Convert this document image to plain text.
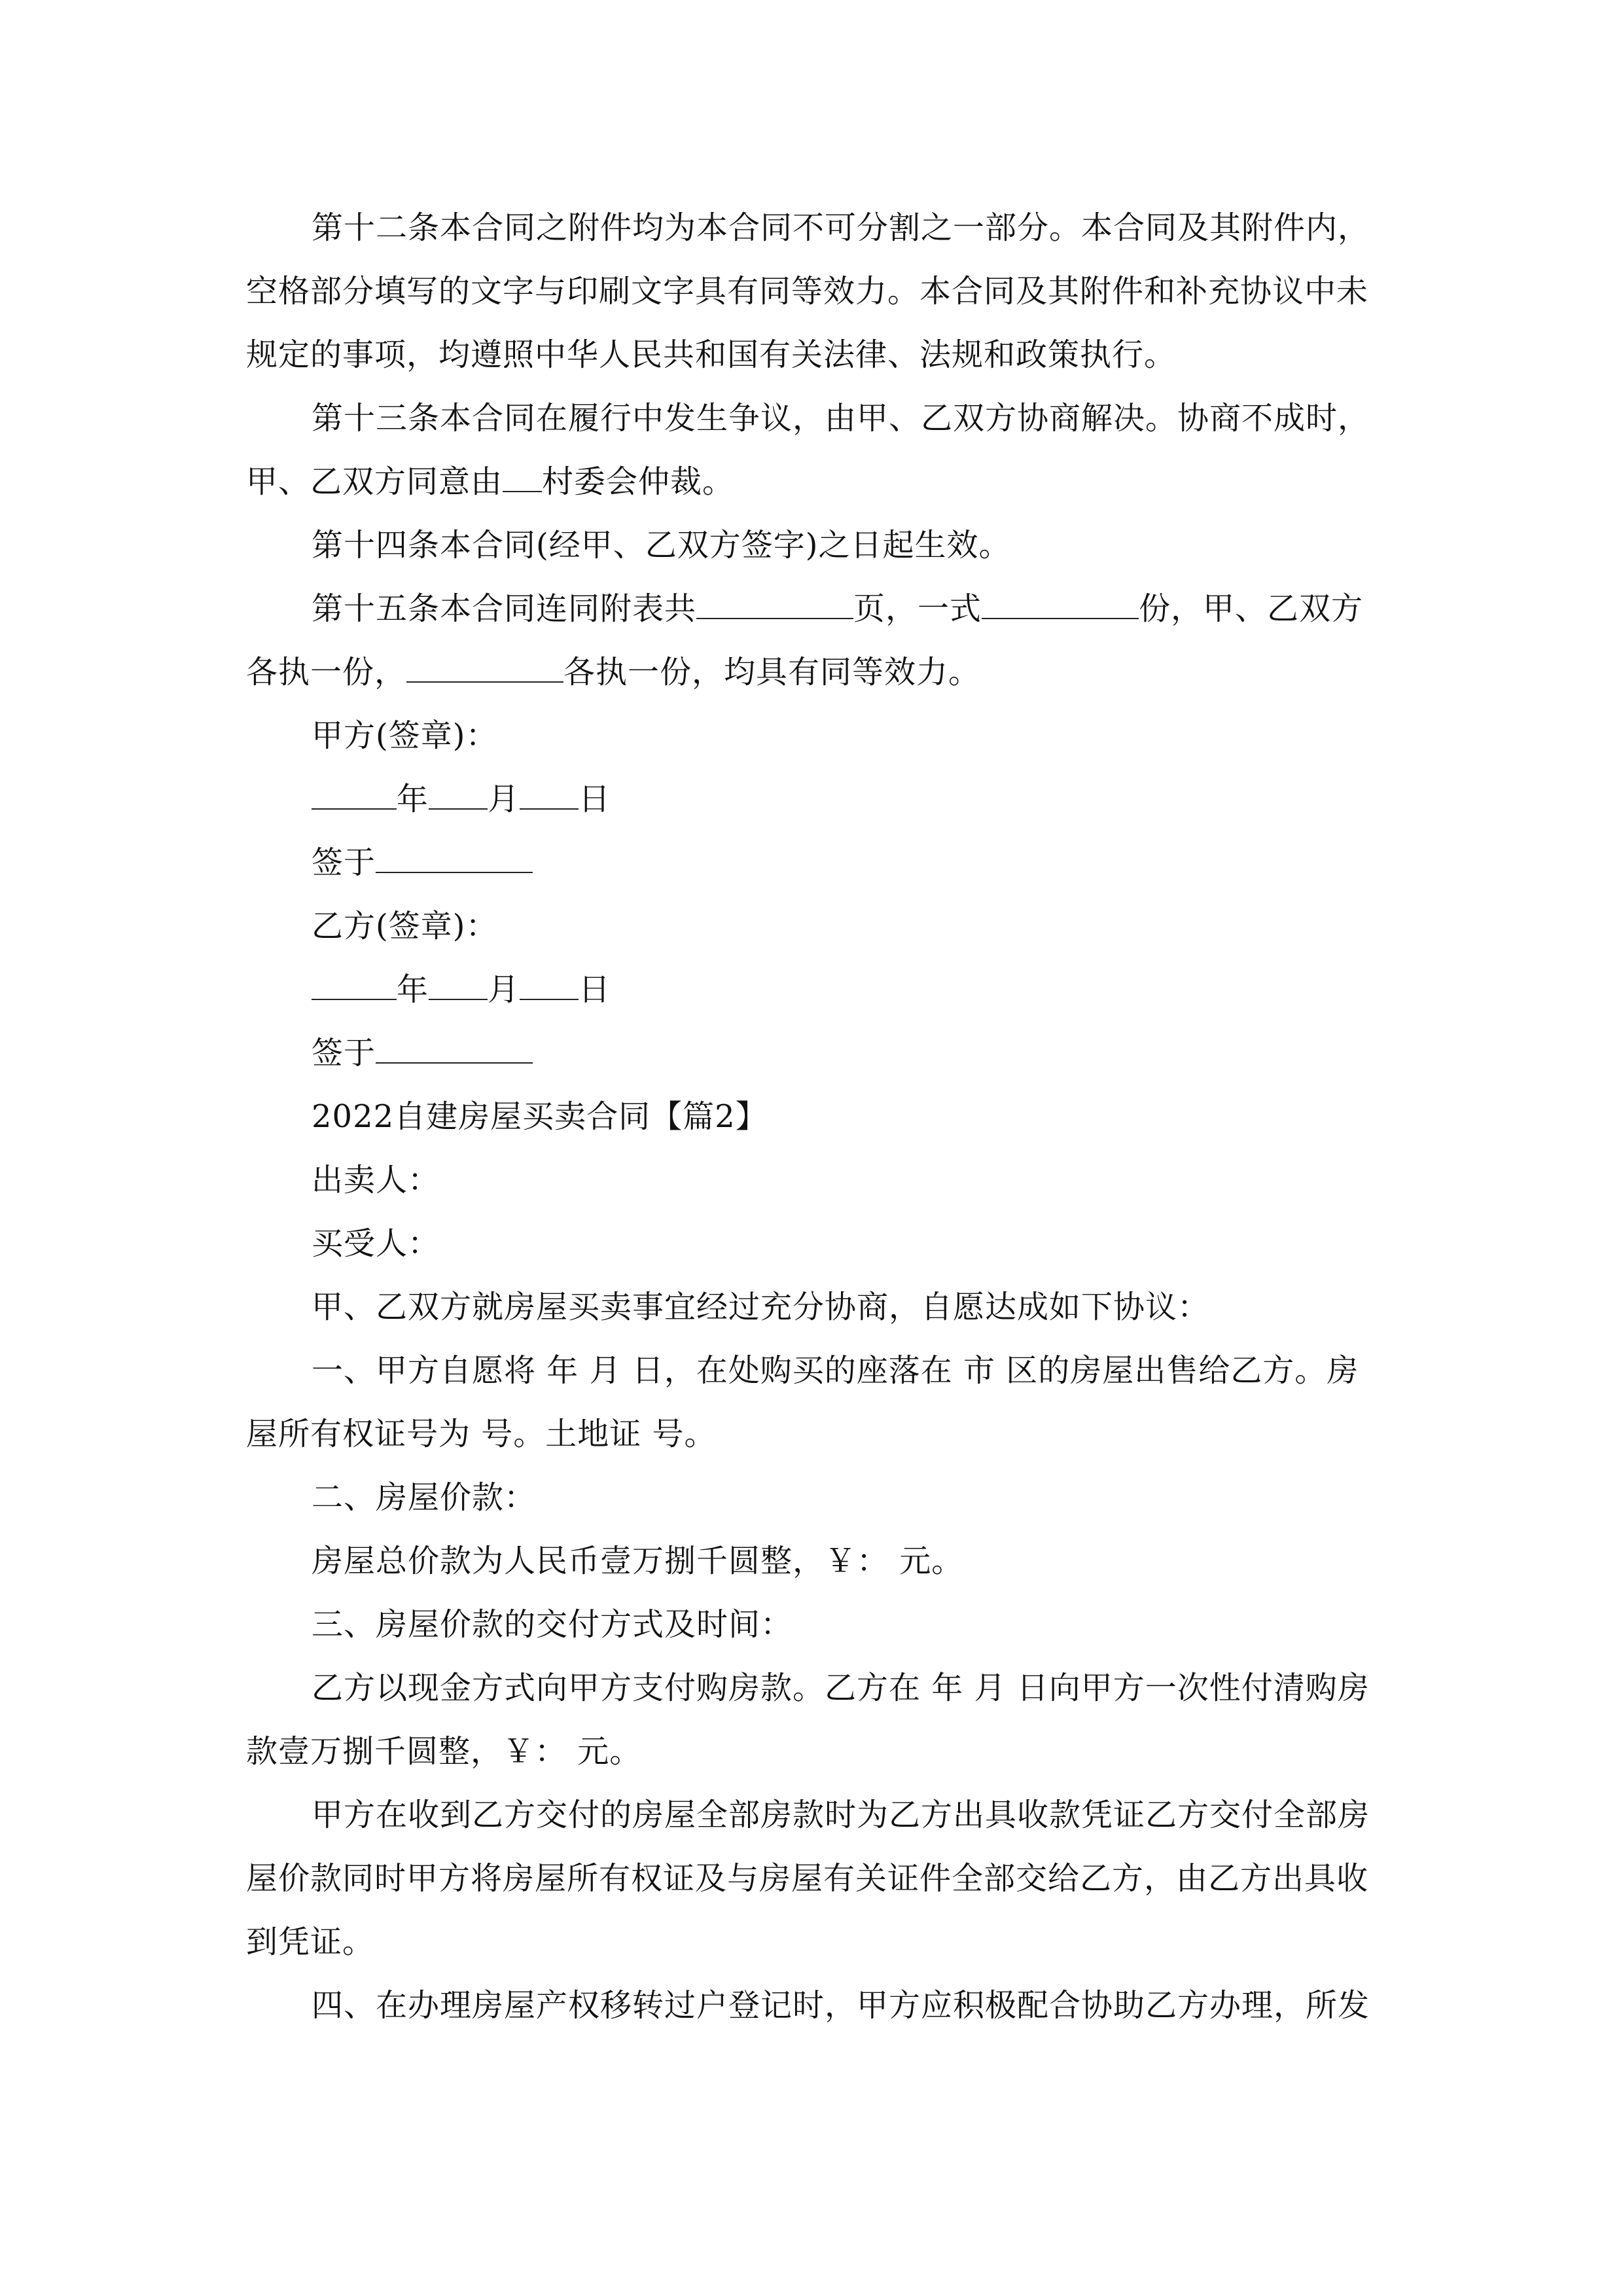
第十二条本合同之附件均为本合同不可分割之一部分。本合同及其附件内，空格部分填写的文字与印刷文字具有同等效力。本合同及其附件和补充协议中未规定的事项，均遵照中华人民共和国有关法律、法规和政策执行。

第十三条本合同在履行中发生争议，由甲、乙双方协商解决。协商不成时，甲、乙双方同意由 村委会仲裁。

第十四条本合同(经甲、乙双方签字)之日起生效。

第十五条本合同连同附表共	页，一式	份，甲、乙双方各执一份，	各执一份，均具有同等效力。

甲方(签章)：

年 月 日

签于

乙方(签章)：

年 月 日

签于

2022自建房屋买卖合同【篇2】

出卖人：

买受人：

甲、乙双方就房屋买卖事宜经过充分协商，自愿达成如下协议：

一、甲方自愿将 年 月 日，在处购买的座落在 市 区的房屋出售给乙方。房屋所有权证号为 号。土地证 号。

二、房屋价款：

房屋总价款为人民币壹万捌千圆整，￥： 元。

三、房屋价款的交付方式及时间：

乙方以现金方式向甲方支付购房款。乙方在 年 月 日向甲方一次性付清购房款壹万捌千圆整，￥： 元。

甲方在收到乙方交付的房屋全部房款时为乙方出具收款凭证乙方交付全部房屋价款同时甲方将房屋所有权证及与房屋有关证件全部交给乙方，由乙方出具收到凭证。

四、在办理房屋产权移转过户登记时，甲方应积极配合协助乙方办理，所发
